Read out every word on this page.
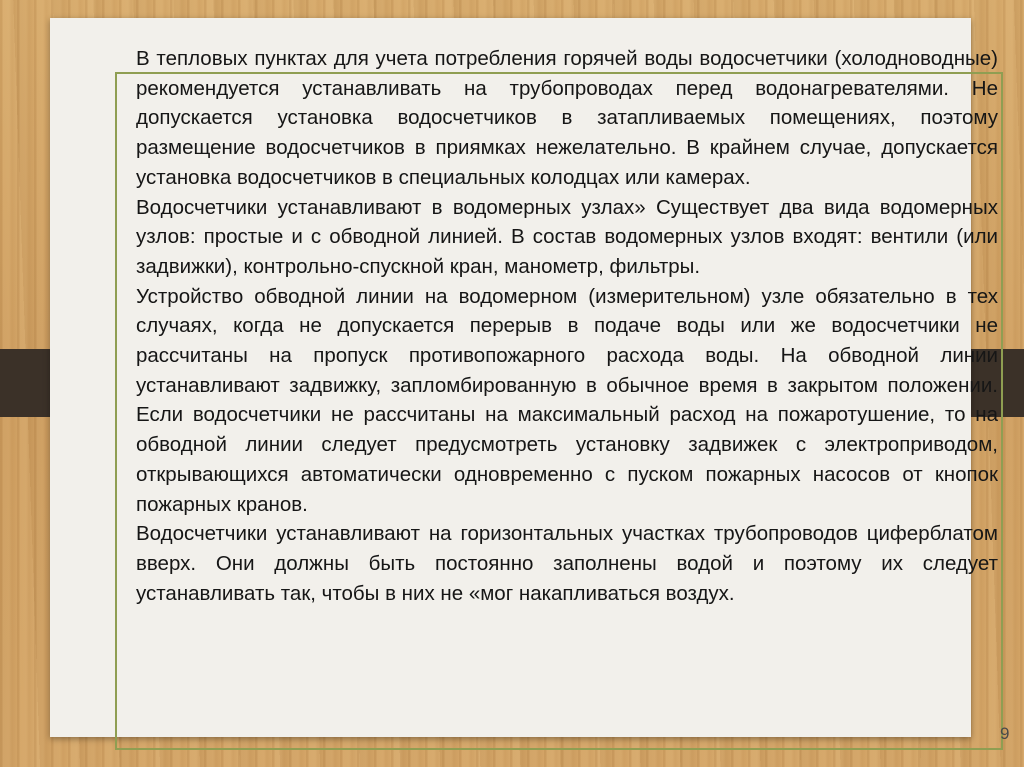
В тепловых пунктах для учета потребления горячей воды водосчетчики (холодноводные) рекомендуется устанавливать на трубопроводах перед водонагревателями. Не допускается установка водосчетчиков в затапливаемых помещениях, поэтому размещение водосчетчиков в приямках нежелательно. В крайнем случае, допускается установка водосчетчиков в специальных колодцах или камерах.

Водосчетчики устанавливают в водомерных узлах» Существует два вида водомерных узлов: простые и с обводной линией. В состав водомерных узлов входят: вентили (или задвижки), контрольно-спускной кран, манометр, фильтры.

Устройство обводной линии на водомерном (измерительном) узле обязательно в тех случаях, когда не допускается перерыв в подаче воды или же водосчетчики не рассчитаны на пропуск противопожарного расхода воды. На обводной линии устанавливают задвижку, запломбированную в обычное время в закрытом положении. Если водосчетчики не рассчитаны на максимальный расход на пожаротушение, то на обводной линии следует предусмотреть установку задвижек с электроприводом, открывающихся автоматически одновременно с пуском пожарных насосов от кнопок пожарных кранов.

Водосчетчики устанавливают на горизонтальных участках трубопроводов циферблатом вверх. Они должны быть постоянно заполнены водой и поэтому их следует устанавливать так, чтобы в них не «мог накапливаться воздух.

9
